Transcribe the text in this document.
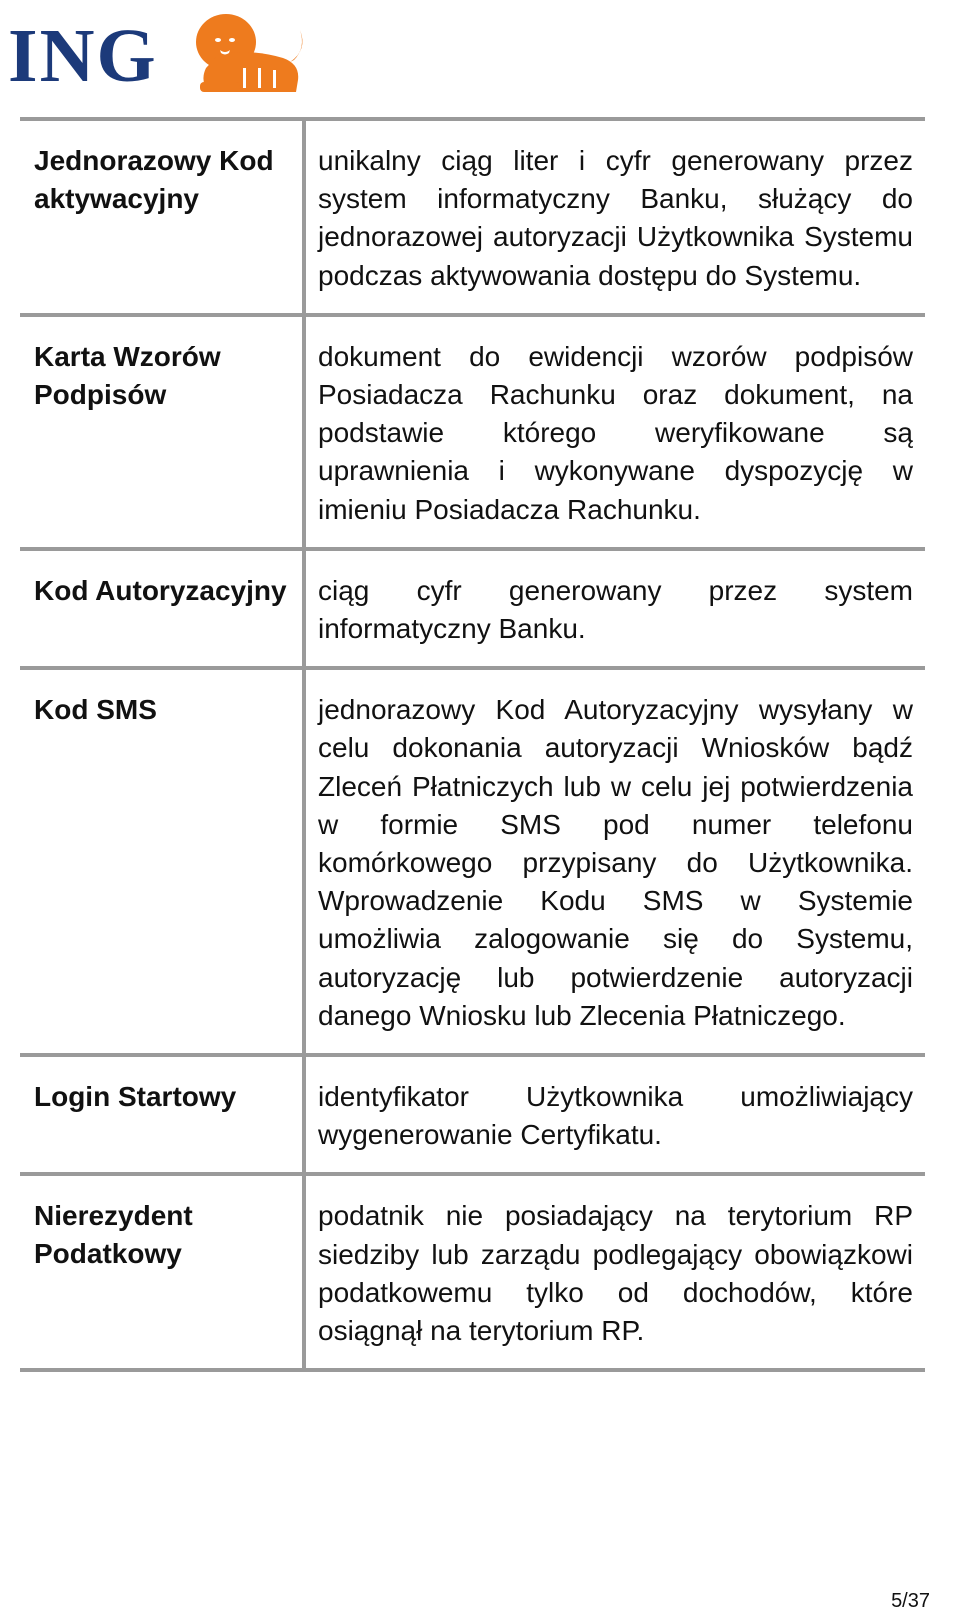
ING
Jednorazowy Kod aktywacyjny	unikalny ciąg liter i cyfr generowany przez system informatyczny Banku, służący do jednorazowej autoryzacji Użytkownika Systemu podczas aktywowania dostępu do Systemu.
Karta Wzorów Podpisów	dokument do ewidencji wzorów podpisów Posiadacza Rachunku oraz dokument, na podstawie którego weryfikowane są uprawnienia i wykonywane dyspozycję w imieniu Posiadacza Rachunku.
Kod Autoryzacyjny	ciąg cyfr generowany przez system informatyczny Banku.
Kod SMS	jednorazowy Kod Autoryzacyjny wysyłany w celu dokonania autoryzacji Wniosków bądź Zleceń Płatniczych lub w celu jej potwierdzenia w formie SMS pod numer telefonu komórkowego przypisany do Użytkownika. Wprowadzenie Kodu SMS w Systemie umożliwia zalogowanie się do Systemu, autoryzację lub potwierdzenie autoryzacji danego Wniosku lub Zlecenia Płatniczego.
Login Startowy	identyfikator Użytkownika umożliwiający wygenerowanie Certyfikatu.
Nierezydent Podatkowy	podatnik nie posiadający na terytorium RP siedziby lub zarządu podlegający obowiązkowi podatkowemu tylko od dochodów, które osiągnął na terytorium RP.
5/37
